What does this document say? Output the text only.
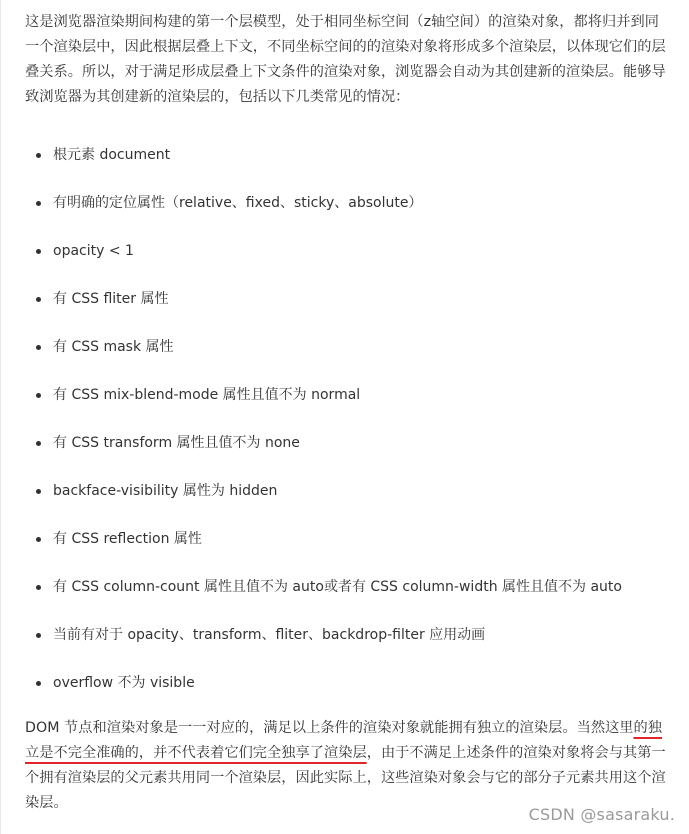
这是浏览器渲染期间构建的第一个层模型，处于相同坐标空间（z轴空间）的渲染对象，都将归并到同一个渲染层中，因此根据层叠上下文，不同坐标空间的的渲染对象将形成多个渲染层，以体现它们的层叠关系。所以，对于满足形成层叠上下文条件的渲染对象，浏览器会自动为其创建新的渲染层。能够导致浏览器为其创建新的渲染层的，包括以下几类常见的情况：

根元素 document
有明确的定位属性（relative、fixed、sticky、absolute）
opacity < 1
有 CSS fliter 属性
有 CSS mask 属性
有 CSS mix-blend-mode 属性且值不为 normal
有 CSS transform 属性且值不为 none
backface-visibility 属性为 hidden
有 CSS reflection 属性
有 CSS column-count 属性且值不为 auto或者有 CSS column-width 属性且值不为 auto
当前有对于 opacity、transform、fliter、backdrop-filter 应用动画
overflow 不为 visible

DOM 节点和渲染对象是一一对应的，满足以上条件的渲染对象就能拥有独立的渲染层。当然这里的独立是不完全准确的，并不代表着它们完全独享了渲染层，由于不满足上述条件的渲染对象将会与其第一个拥有渲染层的父元素共用同一个渲染层，因此实际上，这些渲染对象会与它的部分子元素共用这个渲染层。

CSDN @sasaraku.
